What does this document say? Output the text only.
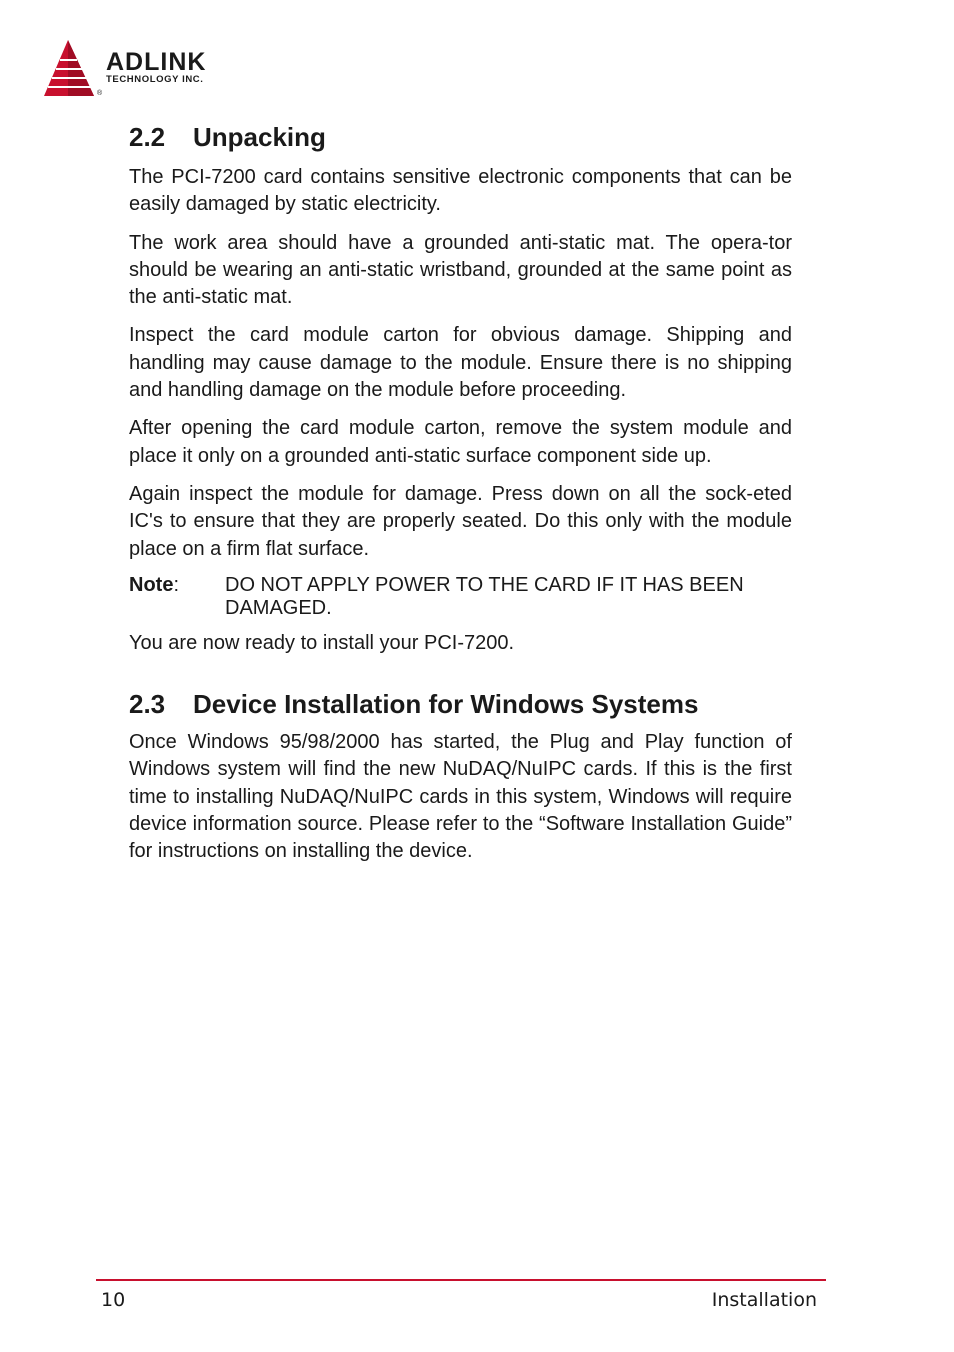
ADLINK
TECHNOLOGY INC.
®
2.2 Unpacking

The PCI-7200 card contains sensitive electronic components that can be easily damaged by static electricity.

The work area should have a grounded anti-static mat. The opera-tor should be wearing an anti-static wristband, grounded at the same point as the anti-static mat.

Inspect the card module carton for obvious damage. Shipping and handling may cause damage to the module. Ensure there is no shipping and handling damage on the module before proceeding.

After opening the card module carton, remove the system module and place it only on a grounded anti-static surface component side up.

Again inspect the module for damage. Press down on all the sock-eted IC's to ensure that they are properly seated. Do this only with the module place on a firm flat surface.

Note:	DO NOT APPLY POWER TO THE CARD IF IT HAS BEEN DAMAGED.

You are now ready to install your PCI-7200.

2.3 Device Installation for Windows Systems

Once Windows 95/98/2000 has started, the Plug and Play function of Windows system will find the new NuDAQ/NuIPC cards. If this is the first time to installing NuDAQ/NuIPC cards in this system, Windows will require device information source. Please refer to the “Software Installation Guide” for instructions on installing the device.

10	Installation
